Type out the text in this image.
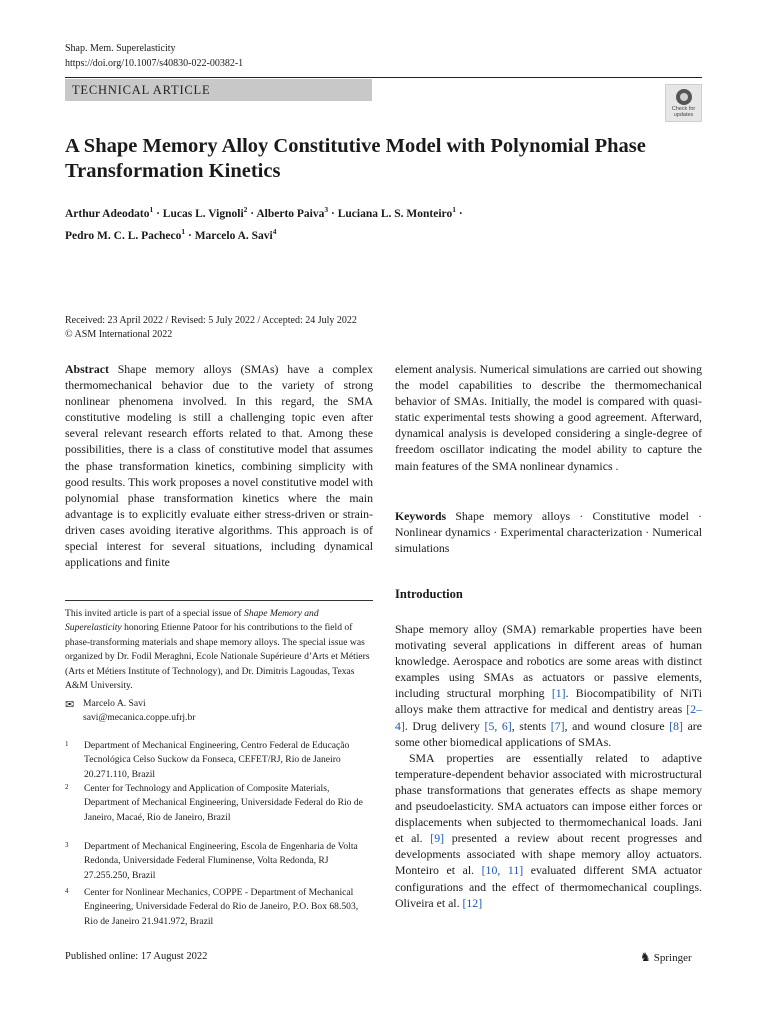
Shap. Mem. Superelasticity
https://doi.org/10.1007/s40830-022-00382-1
TECHNICAL ARTICLE
Check for
updates
A Shape Memory Alloy Constitutive Model with Polynomial Phase Transformation Kinetics
Arthur Adeodato$^1$ · Lucas L. Vignoli$^2$ · Alberto Paiva$^3$ · Luciana L. S. Monteiro$^1$ ·
Pedro M. C. L. Pacheco$^1$ · Marcelo A. Savi$^4$
Received: 23 April 2022 / Revised: 5 July 2022 / Accepted: 24 July 2022
© ASM International 2022
Abstract Shape memory alloys (SMAs) have a complex thermomechanical behavior due to the variety of strong nonlinear phenomena involved. In this regard, the SMA constitutive modeling is still a challenging topic even after several relevant research efforts related to that. Among these possibilities, there is a class of constitutive model that assumes the phase transformation kinetics, combining simplicity with good results. This work proposes a novel constitutive model with polynomial phase transformation kinetics where the main advantage is to explicitly evaluate either stress-driven or strain-driven cases avoiding iterative algorithms. This approach is of special interest for several situations, including dynamical applications and finite
element analysis. Numerical simulations are carried out showing the model capabilities to describe the thermomechanical behavior of SMAs. Initially, the model is compared with quasi-static experimental tests showing a good agreement. Afterward, dynamical analysis is developed considering a single-degree of freedom oscillator indicating the model ability to capture the main features of the SMA nonlinear dynamics .
Keywords Shape memory alloys · Constitutive model · Nonlinear dynamics · Experimental characterization · Numerical simulations
Introduction

Shape memory alloy (SMA) remarkable properties have been motivating several applications in different areas of human knowledge. Aerospace and robotics are some areas with distinct examples using SMAs as actuators or passive elements, including structural morphing [1]. Biocompatibility of NiTi alloys make them attractive for medical and dentistry areas [2–4]. Drug delivery [5, 6], stents [7], and wound closure [8] are some other biomedical applications of SMAs.

SMA properties are essentially related to adaptive temperature-dependent behavior associated with microstructural phase transformations that generates effects as shape memory and pseudoelasticity. SMA actuators can impose either forces or displacements when subjected to thermomechanical loads. Jani et al. [9] presented a review about recent progresses and developments associated with shape memory alloy actuators. Monteiro et al. [10, 11] evaluated different SMA actuator configurations and the effect of thermomechanical couplings. Oliveira et al. [12]

This invited article is part of a special issue of Shape Memory and Superelasticity honoring Etienne Patoor for his contributions to the field of phase-transforming materials and shape memory alloys. The special issue was organized by Dr. Fodil Meraghni, Ecole Nationale Supérieure d’Arts et Métiers (Arts et Métiers Institute of Technology), and Dr. Dimitris Lagoudas, Texas A&M University.
✉ Marcelo A. Savi
savi@mecanica.coppe.ufrj.br
1 Department of Mechanical Engineering, Centro Federal de Educação Tecnológica Celso Suckow da Fonseca, CEFET/RJ, Rio de Janeiro 20.271.110, Brazil
2 Center for Technology and Application of Composite Materials, Department of Mechanical Engineering, Universidade Federal do Rio de Janeiro, Macaé, Rio de Janeiro, Brazil
3 Department of Mechanical Engineering, Escola de Engenharia de Volta Redonda, Universidade Federal Fluminense, Volta Redonda, RJ 27.255.250, Brazil
4 Center for Nonlinear Mechanics, COPPE - Department of Mechanical Engineering, Universidade Federal do Rio de Janeiro, P.O. Box 68.503, Rio de Janeiro 21.941.972, Brazil
Published online: 17 August 2022	♞ Springer
